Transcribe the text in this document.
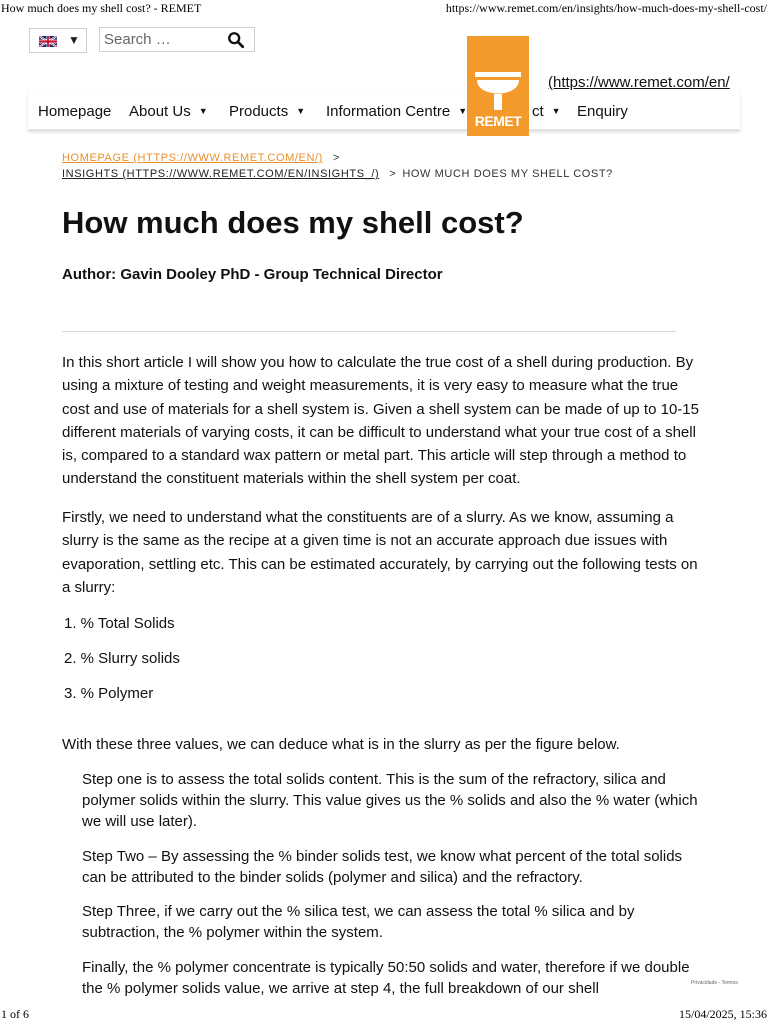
How much does my shell cost? - REMET	https://www.remet.com/en/insights/how-much-does-my-shell-cost/
▼
Search …
REMET
(https://www.remet.com/en/
Homepage About Us ▼ Products ▼ Information Centre ▼	ct ▼ Enquiry
HOMEPAGE (HTTPS://WWW.REMET.COM/EN/) >
INSIGHTS (HTTPS://WWW.REMET.COM/EN/INSIGHTS_/) > HOW MUCH DOES MY SHELL COST?
How much does my shell cost?
Author: Gavin Dooley PhD - Group Technical Director

In this short article I will show you how to calculate the true cost of a shell during production. By using a mixture of testing and weight measurements, it is very easy to measure what the true cost and use of materials for a shell system is. Given a shell system can be made of up to 10-15 different materials of varying costs, it can be difficult to understand what your true cost of a shell is, compared to a standard wax pattern or metal part. This article will step through a method to understand the constituent materials within the shell system per coat.

Firstly, we need to understand what the constituents are of a slurry. As we know, assuming a slurry is the same as the recipe at a given time is not an accurate approach due issues with evaporation, settling etc. This can be estimated accurately, by carrying out the following tests on a slurry:

1. % Total Solids
2. % Slurry solids
3. % Polymer

With these three values, we can deduce what is in the slurry as per the figure below.

Step one is to assess the total solids content. This is the sum of the refractory, silica and polymer solids within the slurry. This value gives us the % solids and also the % water (which we will use later).

Step Two – By assessing the % binder solids test, we know what percent of the total solids can be attributed to the binder solids (polymer and silica) and the refractory.

Step Three, if we carry out the % silica test, we can assess the total % silica and by subtraction, the % polymer within the system.

Finally, the % polymer concentrate is typically 50:50 solids and water, therefore if we double the % polymer solids value, we arrive at step 4, the full breakdown of our shell	Privacidade - Termos
1 of 6	15/04/2025, 15:36
